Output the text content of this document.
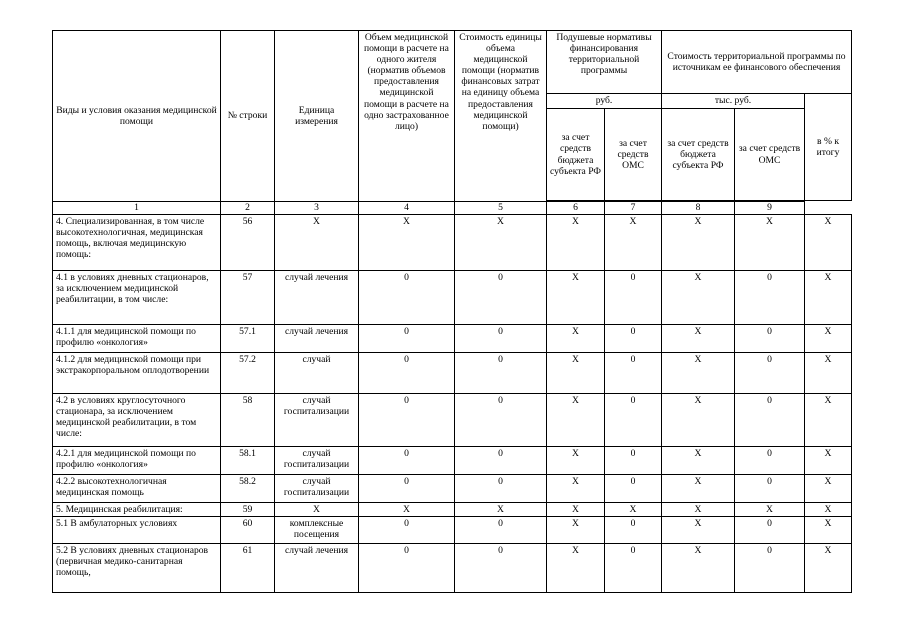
Виды и условия оказания медицинской помощи	№ строки	Единица измерения	Объем медицинской помощи в расчете на одного жителя (норматив объемов предоставления медицинской помощи в расчете на одно застрахованное лицо)	Стоимость единицы объема медицинской помощи (норматив финансовых затрат на единицу объема предоставления медицинской помощи)	Подушевые нормативы финансирования территориальной программы		Стоимость территориальной программы по источникам ее финансового обеспечения		
					руб.		тыс. руб.		в % к итогу
					за счет средств бюджета субъекта РФ	за счет средств ОМС	за счет средств бюджета субъекта РФ	за счет средств ОМС	

1	2	3	4	5	6	7	8	9	
4. Специализированная, в том числе высокотехнологичная, медицинская помощь, включая медицинскую помощь:	56	Х	Х	Х	Х	Х	Х	Х	Х
4.1 в условиях дневных стационаров, за исключением медицинской реабилитации, в том числе:	57	случай лечения	0	0	Х	0	Х	0	Х
4.1.1 для медицинской помощи по профилю «онкология»	57.1	случай лечения	0	0	Х	0	Х	0	Х
4.1.2 для медицинской помощи при экстракорпоральном оплодотворении	57.2	случай	0	0	Х	0	Х	0	Х
4.2 в условиях круглосуточного стационара, за исключением медицинской реабилитации, в том числе:	58	случай госпитализации	0	0	Х	0	Х	0	Х
4.2.1 для медицинской помощи по профилю «онкология»	58.1	случай госпитализации	0	0	Х	0	Х	0	Х
4.2.2 высокотехнологичная медицинская помощь	58.2	случай госпитализации	0	0	Х	0	Х	0	Х
5. Медицинская реабилитация:	59	Х	Х	Х	Х	Х	Х	Х	Х
5.1 В амбулаторных условиях	60	комплексные посещения	0	0	Х	0	Х	0	Х
5.2 В условиях дневных стационаров (первичная медико-санитарная помощь,	61	случай лечения	0	0	Х	0	Х	0	Х
